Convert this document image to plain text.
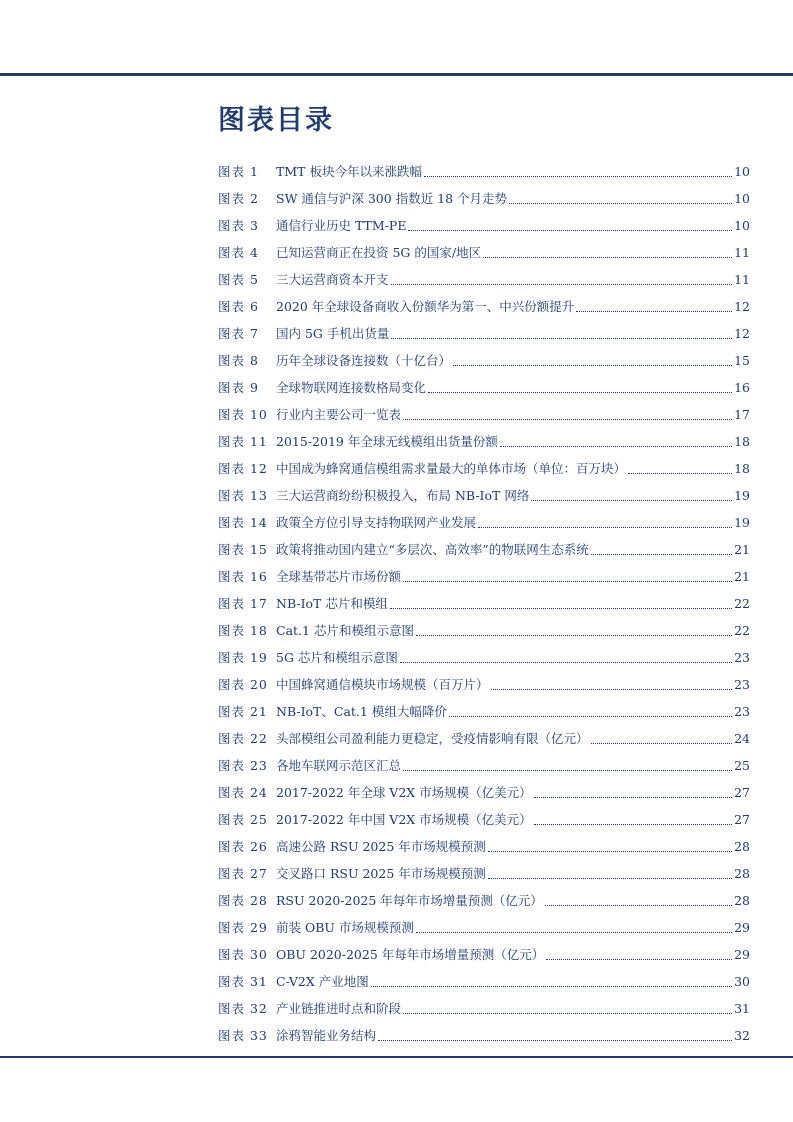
图表目录
图表 1	TMT 板块今年以来涨跌幅	10
图表 2	SW 通信与沪深 300 指数近 18 个月走势	10
图表 3	通信行业历史 TTM-PE	10
图表 4	已知运营商正在投资 5G 的国家/地区	11
图表 5	三大运营商资本开支	11
图表 6	2020 年全球设备商收入份额华为第一、中兴份额提升	12
图表 7	国内 5G 手机出货量	12
图表 8	历年全球设备连接数（十亿台）	15
图表 9	全球物联网连接数格局变化	16
图表 10 行业内主要公司一览表	17
图表 11 2015-2019 年全球无线模组出货量份额	18
图表 12 中国成为蜂窝通信模组需求量最大的单体市场（单位：百万块）	18
图表 13 三大运营商纷纷积极投入，布局 NB-IoT 网络	19
图表 14 政策全方位引导支持物联网产业发展	19
图表 15 政策将推动国内建立“多层次、高效率”的物联网生态系统	21
图表 16 全球基带芯片市场份额	21
图表 17 NB-IoT 芯片和模组	22
图表 18 Cat.1 芯片和模组示意图	22
图表 19 5G 芯片和模组示意图	23
图表 20 中国蜂窝通信模块市场规模（百万片）	23
图表 21 NB-IoT、Cat.1 模组大幅降价	23
图表 22 头部模组公司盈利能力更稳定，受疫情影响有限（亿元）	24
图表 23 各地车联网示范区汇总	25
图表 24 2017-2022 年全球 V2X 市场规模（亿美元）	27
图表 25 2017-2022 年中国 V2X 市场规模（亿美元）	27
图表 26 高速公路 RSU 2025 年市场规模预测	28
图表 27 交叉路口 RSU 2025 年市场规模预测	28
图表 28 RSU 2020-2025 年每年市场增量预测（亿元）	28
图表 29 前装 OBU 市场规模预测	29
图表 30 OBU 2020-2025 年每年市场增量预测（亿元）	29
图表 31 C-V2X 产业地图	30
图表 32 产业链推进时点和阶段	31
图表 33 涂鸦智能业务结构	32
